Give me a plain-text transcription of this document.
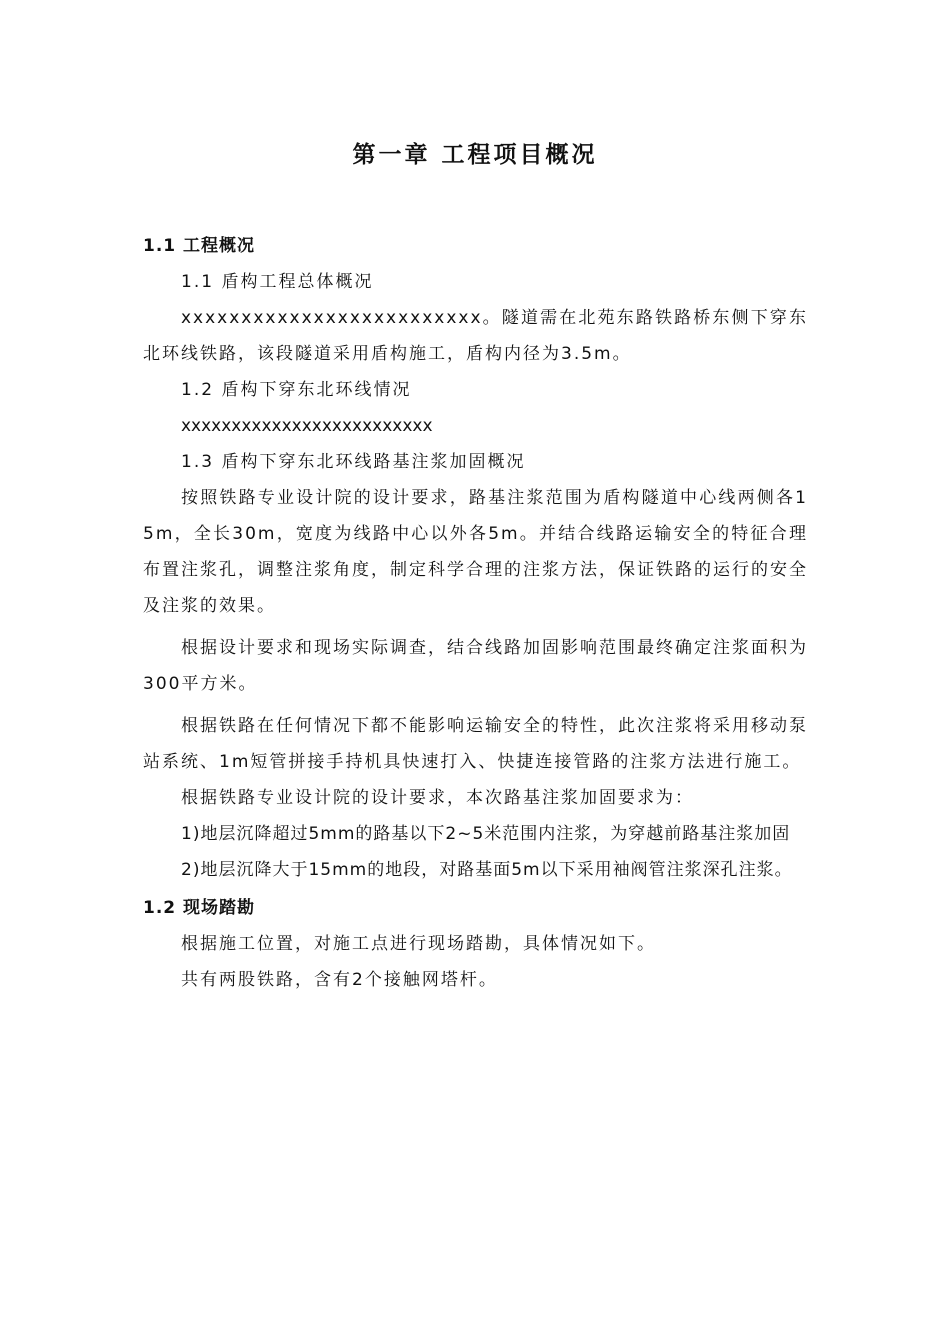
第一章 工程项目概况
1.1 工程概况
1.1 盾构工程总体概况
xxxxxxxxxxxxxxxxxxxxxxxxx。隧道需在北苑东路铁路桥东侧下穿东北环线铁路，该段隧道采用盾构施工，盾构内径为3.5m。
1.2 盾构下穿东北环线情况
xxxxxxxxxxxxxxxxxxxxxxxxx
1.3 盾构下穿东北环线路基注浆加固概况
按照铁路专业设计院的设计要求，路基注浆范围为盾构隧道中心线两侧各15m，全长30m，宽度为线路中心以外各5m。并结合线路运输安全的特征合理布置注浆孔，调整注浆角度，制定科学合理的注浆方法，保证铁路的运行的安全及注浆的效果。
根据设计要求和现场实际调查，结合线路加固影响范围最终确定注浆面积为300平方米。
根据铁路在任何情况下都不能影响运输安全的特性，此次注浆将采用移动泵站系统、1m短管拼接手持机具快速打入、快捷连接管路的注浆方法进行施工。
根据铁路专业设计院的设计要求，本次路基注浆加固要求为：
1)地层沉降超过5mm的路基以下2~5米范围内注浆，为穿越前路基注浆加固
2)地层沉降大于15mm的地段，对路基面5m以下采用袖阀管注浆深孔注浆。
1.2 现场踏勘
根据施工位置，对施工点进行现场踏勘，具体情况如下。
共有两股铁路，含有2个接触网塔杆。
